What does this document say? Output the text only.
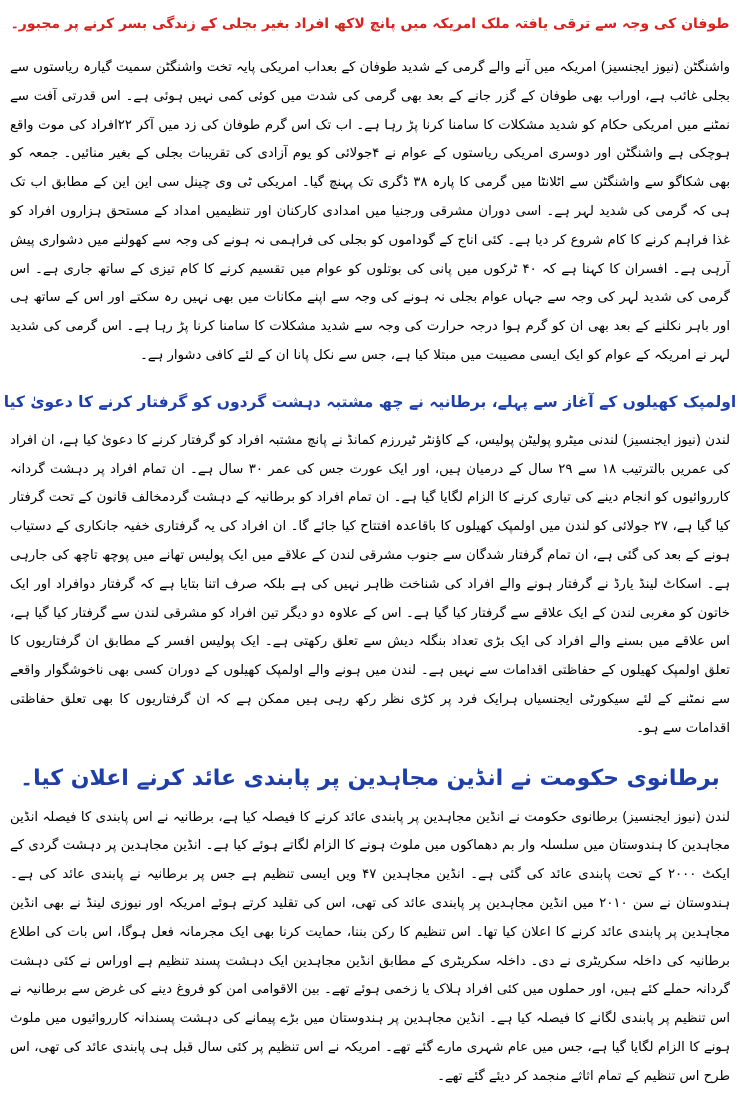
طوفان کی وجہ سے ترقی یافتہ ملک امریکہ میں پانچ لاکھ افراد بغیر بجلی کے زندگی بسر کرنے پر مجبور۔

واشنگٹن (نیوز ایجنسیز) امریکہ میں آنے والے گرمی کے شدید طوفان کے بعداب امریکی پایہ تخت واشنگٹن سمیت گیارہ ریاستوں سے بجلی غائب ہے، اوراب بھی طوفان کے گزر جانے کے بعد بھی گرمی کی شدت میں کوئی کمی نہیں ہوئی ہے۔ اس قدرتی آفت سے نمٹنے میں امریکی حکام کو شدید مشکلات کا سامنا کرنا پڑ رہا ہے۔ اب تک اس گرم طوفان کی زد میں آکر ۲۲افراد کی موت واقع ہوچکی ہے واشنگٹن اور دوسری امریکی ریاستوں کے عوام نے ۴جولائی کو یوم آزادی کی تقریبات بجلی کے بغیر منائیں۔ جمعہ کو بھی شکاگو سے واشنگٹن سے اٹلانٹا میں گرمی کا پارہ ۳۸ ڈگری تک پہنچ گیا۔ امریکی ٹی وی چینل سی این این کے مطابق اب تک ہی کہ گرمی کی شدید لہر ہے۔ اسی دوران مشرقی ورجنیا میں امدادی کارکنان اور تنظیمیں امداد کے مستحق ہزاروں افراد کو غذا فراہم کرنے کا کام شروع کر دیا ہے۔ کئی اناج کے گوداموں کو بجلی کی فراہمی نہ ہونے کی وجہ سے کھولنے میں دشواری پیش آرہی ہے۔ افسران کا کہنا ہے کہ ۴۰ ٹرکوں میں پانی کی بوتلوں کو عوام میں تقسیم کرنے کا کام تیزی کے ساتھ جاری ہے۔ اس گرمی کی شدید لہر کی وجہ سے جہاں عوام بجلی نہ ہونے کی وجہ سے اپنے مکانات میں بھی نہیں رہ سکتے اور اس کے ساتھ ہی اور باہر نکلنے کے بعد بھی ان کو گرم ہوا درجہ حرارت کی وجہ سے شدید مشکلات کا سامنا کرنا پڑ رہا ہے۔ اس گرمی کی شدید لہر نے امریکہ کے عوام کو ایک ایسی مصیبت میں مبتلا کیا ہے، جس سے نکل پانا ان کے لئے کافی دشوار ہے۔

اولمپک کھیلوں کے آغاز سے پہلے، برطانیہ نے چھ مشتبہ دہشت گردوں کو گرفتار کرنے کا دعویٰ کیا

لندن (نیوز ایجنسیز) لندنی میٹرو پولیٹن پولیس، کے کاؤنٹر ٹیررزم کمانڈ نے پانچ مشتبہ افراد کو گرفتار کرنے کا دعویٰ کیا ہے، ان افراد کی عمریں بالترتیب ۱۸ سے ۲۹ سال کے درمیان ہیں، اور ایک عورت جس کی عمر ۳۰ سال ہے۔ ان تمام افراد پر دہشت گردانہ کارروائیوں کو انجام دینے کی تیاری کرنے کا الزام لگایا گیا ہے۔ ان تمام افراد کو برطانیہ کے دہشت گردمخالف قانون کے تحت گرفتار کیا گیا ہے، ۲۷ جولائی کو لندن میں اولمپک کھیلوں کا باقاعدہ افتتاح کیا جائے گا۔ ان افراد کی یہ گرفتاری خفیہ جانکاری کے دستیاب ہونے کے بعد کی گئی ہے، ان تمام گرفتار شدگان سے جنوب مشرقی لندن کے علاقے میں ایک پولیس تھانے میں پوچھ تاچھ کی جارہی ہے۔ اسکاٹ لینڈ یارڈ نے گرفتار ہونے والے افراد کی شناخت ظاہر نہیں کی ہے بلکہ صرف اتنا بتایا ہے کہ گرفتار دوافراد اور ایک خاتون کو مغربی لندن کے ایک علاقے سے گرفتار کیا گیا ہے۔ اس کے علاوہ دو دیگر تین افراد کو مشرقی لندن سے گرفتار کیا گیا ہے، اس علاقے میں بسنے والے افراد کی ایک بڑی تعداد بنگلہ دیش سے تعلق رکھتی ہے۔ ایک پولیس افسر کے مطابق ان گرفتاریوں کا تعلق اولمپک کھیلوں کے حفاظتی اقدامات سے نہیں ہے۔ لندن میں ہونے والے اولمپک کھیلوں کے دوران کسی بھی ناخوشگوار واقعے سے نمٹنے کے لئے سیکورٹی ایجنسیاں ہرایک فرد پر کڑی نظر رکھ رہی ہیں ممکن ہے کہ ان گرفتاریوں کا بھی تعلق حفاظتی اقدامات سے ہو۔

برطانوی حکومت نے انڈین مجاہدین پر پابندی عائد کرنے اعلان کیا۔

لندن (نیوز ایجنسیز) برطانوی حکومت نے انڈین مجاہدین پر پابندی عائد کرنے کا فیصلہ کیا ہے، برطانیہ نے اس پابندی کا فیصلہ انڈین مجاہدین کا ہندوستان میں سلسلہ وار بم دھماکوں میں ملوث ہونے کا الزام لگاتے ہوئے کیا ہے۔ انڈین مجاہدین پر دہشت گردی کے ایکٹ ۲۰۰۰ کے تحت پابندی عائد کی گئی ہے۔ انڈین مجاہدین ۴۷ ویں ایسی تنظیم ہے جس پر برطانیہ نے پابندی عائد کی ہے۔ ہندوستان نے سن ۲۰۱۰ میں انڈین مجاہدین پر پابندی عائد کی تھی، اس کی تقلید کرتے ہوئے امریکہ اور نیوزی لینڈ نے بھی انڈین مجاہدین پر پابندی عائد کرنے کا اعلان کیا تھا۔ اس تنظیم کا رکن بننا، حمایت کرنا بھی ایک مجرمانہ فعل ہوگا، اس بات کی اطلاع برطانیہ کی داخلہ سکریٹری نے دی۔ داخلہ سکریٹری کے مطابق انڈین مجاہدین ایک دہشت پسند تنظیم ہے اوراس نے کئی دہشت گردانہ حملے کئے ہیں، اور حملوں میں کئی افراد ہلاک یا زخمی ہوئے تھے۔ بین الاقوامی امن کو فروغ دینے کی غرض سے برطانیہ نے اس تنظیم پر پابندی لگانے کا فیصلہ کیا ہے۔ انڈین مجاہدین پر ہندوستان میں بڑے پیمانے کی دہشت پسندانہ کارروائیوں میں ملوث ہونے کا الزام لگایا گیا ہے، جس میں عام شہری مارے گئے تھے۔ امریکہ نے اس تنظیم پر کئی سال قبل ہی پابندی عائد کی تھی، اس طرح اس تنظیم کے تمام اثاثے منجمد کر دیئے گئے تھے۔
